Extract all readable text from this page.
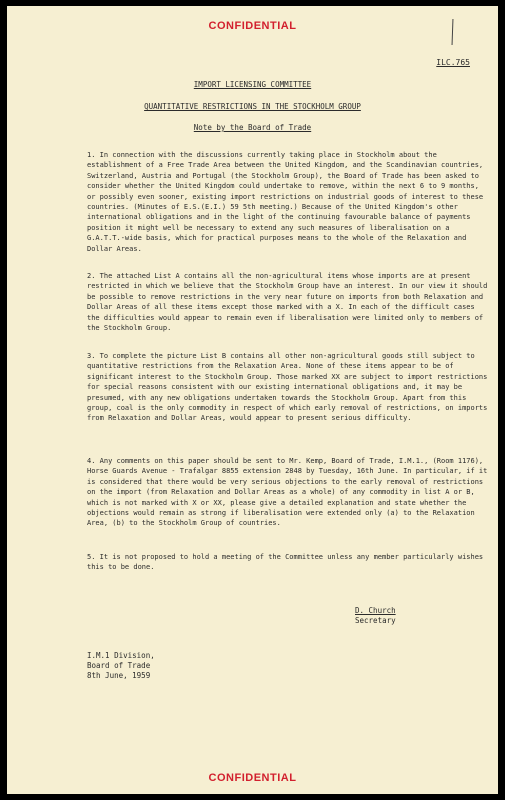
CONFIDENTIAL
ILC.765
IMPORT LICENSING COMMITTEE
QUANTITATIVE RESTRICTIONS IN THE STOCKHOLM GROUP
Note by the Board of Trade

1. In connection with the discussions currently taking place in Stockholm about the establishment of a Free Trade Area between the United Kingdom, and the Scandinavian countries, Switzerland, Austria and Portugal (the Stockholm Group), the Board of Trade has been asked to consider whether the United Kingdom could undertake to remove, within the next 6 to 9 months, or possibly even sooner, existing import restrictions on industrial goods of interest to these countries. (Minutes of E.S.(E.I.) 59 5th meeting.) Because of the United Kingdom's other international obligations and in the light of the continuing favourable balance of payments position it might well be necessary to extend any such measures of liberalisation on a G.A.T.T.-wide basis, which for practical purposes means to the whole of the Relaxation and Dollar Areas.

2. The attached List A contains all the non-agricultural items whose imports are at present restricted in which we believe that the Stockholm Group have an interest. In our view it should be possible to remove restrictions in the very near future on imports from both Relaxation and Dollar Areas of all these items except those marked with a X. In each of the difficult cases the difficulties would appear to remain even if liberalisation were limited only to members of the Stockholm Group.

3. To complete the picture List B contains all other non-agricultural goods still subject to quantitative restrictions from the Relaxation Area. None of these items appear to be of significant interest to the Stockholm Group. Those marked XX are subject to import restrictions for special reasons consistent with our existing international obligations and, it may be presumed, with any new obligations undertaken towards the Stockholm Group. Apart from this group, coal is the only commodity in respect of which early removal of restrictions, on imports from Relaxation and Dollar Areas, would appear to present serious difficulty.

4. Any comments on this paper should be sent to Mr. Kemp, Board of Trade, I.M.1., (Room 1176), Horse Guards Avenue - Trafalgar 8855 extension 2848 by Tuesday, 16th June. In particular, if it is considered that there would be very serious objections to the early removal of restrictions on the import (from Relaxation and Dollar Areas as a whole) of any commodity in list A or B, which is not marked with X or XX, please give a detailed explanation and state whether the objections would remain as strong if liberalisation were extended only (a) to the Relaxation Area, (b) to the Stockholm Group of countries.

5. It is not proposed to hold a meeting of the Committee unless any member particularly wishes this to be done.

D. Church
Secretary
I.M.1 Division,
Board of Trade
8th June, 1959
CONFIDENTIAL
